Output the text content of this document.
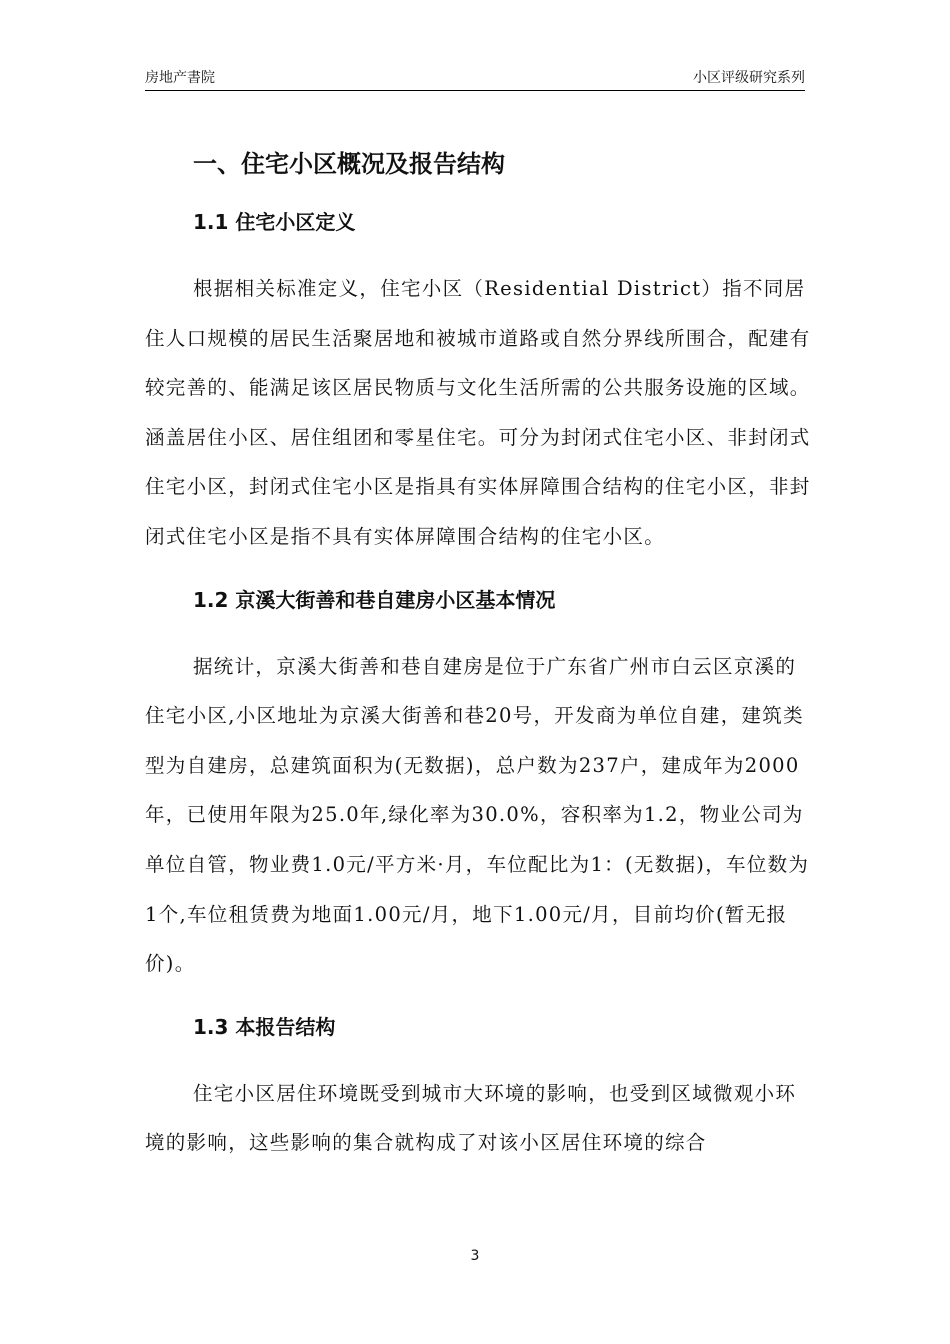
房地产書院	小区评级研究系列
一、住宅小区概况及报告结构
1.1 住宅小区定义

根据相关标准定义，住宅小区（Residential District）指不同居住人口规模的居民生活聚居地和被城市道路或自然分界线所围合，配建有较完善的、能满足该区居民物质与文化生活所需的公共服务设施的区域。涵盖居住小区、居住组团和零星住宅。可分为封闭式住宅小区、非封闭式住宅小区，封闭式住宅小区是指具有实体屏障围合结构的住宅小区，非封闭式住宅小区是指不具有实体屏障围合结构的住宅小区。

1.2 京溪大街善和巷自建房小区基本情况

据统计，京溪大街善和巷自建房是位于广东省广州市白云区京溪的住宅小区,小区地址为京溪大街善和巷20号，开发商为单位自建，建筑类型为自建房，总建筑面积为(无数据)，总户数为237户，建成年为2000年，已使用年限为25.0年,绿化率为30.0%，容积率为1.2，物业公司为单位自管，物业费1.0元/平方米·月，车位配比为1：(无数据)，车位数为1个,车位租赁费为地面1.00元/月，地下1.00元/月，目前均价(暂无报价)。

1.3 本报告结构

住宅小区居住环境既受到城市大环境的影响，也受到区域微观小环境的影响，这些影响的集合就构成了对该小区居住环境的综合

3
